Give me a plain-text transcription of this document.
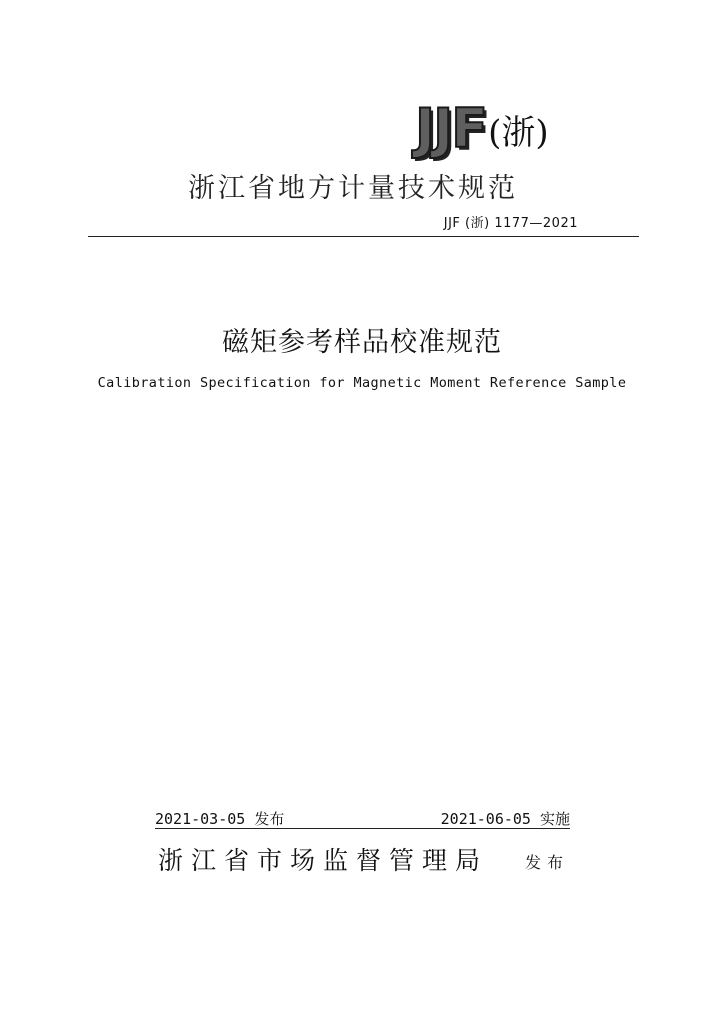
JJF (浙)
浙江省地方计量技术规范
JJF (浙) 1177—2021
磁矩参考样品校准规范
Calibration Specification for Magnetic Moment Reference Sample
2021-03-05 发布	2021-06-05 实施
浙江省市场监督管理局 发布
